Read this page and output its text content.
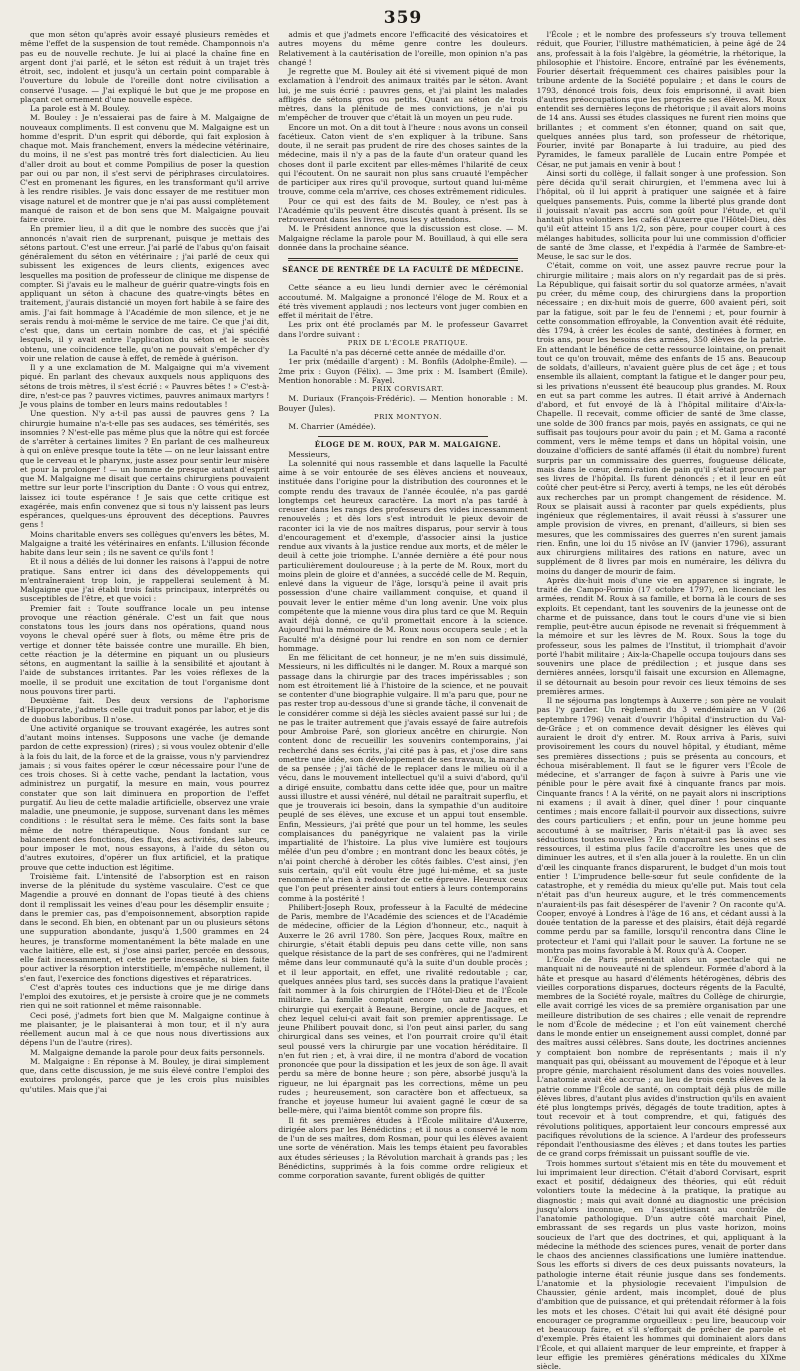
359

que mon séton qu'après avoir essayé plusieurs remèdes et même l'effet de la suspension de tout remède. Champonnois n'a pas eu de nouvelle rechute. Je lui ai placé la chaîne fine en argent dont j'ai parlé, et le séton est réduit à un trajet très étroit, sec, indolent et jusqu'à un certain point comparable à l'ouverture du lobule de l'oreille dont notre civilisation a conservé l'usage. — J'ai expliqué le but que je me propose en plaçant cet ornement d'une nouvelle espèce.

La parole est à M. Bouley.

M. Bouley : Je n'essaierai pas de faire à M. Malgaigne de nouveaux compliments. Il est convenu que M. Malgaigne est un homme d'esprit. D'un esprit qui déborde, qui fait explosion à chaque mot. Mais franchement, envers la médecine vétérinaire, du moins, il ne s'est pas montré très fort dialecticien. Au lieu d'aller droit au bout et comme Pompilius de poser la question par oui ou par non, il s'est servi de périphrases circulatoires. C'est en promenant les figures, en les transformant qu'il arrive à les rendre risibles. Je vais donc essayer de me restituer mon visage naturel et de montrer que je n'ai pas aussi complètement manqué de raison et de bon sens que M. Malgaigne pouvait faire croire.

En premier lieu, il a dit que le nombre des succès que j'ai annoncés n'avait rien de surprenant, puisque je mettais des sétons partout. C'est une erreur. J'ai parlé de l'abus qu'on faisait généralement du séton en vétérinaire ; j'ai parlé de ceux qui subissent les exigences de leurs clients, exigences avec lesquelles ma position de professeur de clinique me dispense de compter. Si j'avais eu le malheur de guérir quatre-vingts fois en appliquant un séton à chacune des quatre-vingts bêtes en traitement, j'aurais distancié un moyen fort habile à se faire des amis. J'ai fait hommage à l'Académie de mon silence, et je ne serais rendu à moi-même le service de me taire. Ce que j'ai dit, c'est que, dans un certain nombre de cas, et j'ai spécifié lesquels, il y avait entre l'application du séton et le succès obtenu, une coïncidence telle, qu'on ne pouvait s'empêcher d'y voir une relation de cause à effet, de remède à guérison.

Il y a une exclamation de M. Malgaigne qui m'a vivement piqué. En parlant des chevaux auxquels nous appliquons des sétons de trois mètres, il s'est écrié : « Pauvres bêtes ! » C'est-à-dire, n'est-ce pas ? pauvres victimes, pauvres animaux martyrs ! Je vous plains de tomber en leurs mains redoutables !

Une question. N'y a-t-il pas aussi de pauvres gens ? La chirurgie humaine n'a-t-elle pas ses audaces, ses témérités, ses insomnies ? N'est-elle pas même plus que la nôtre qui est forcée de s'arrêter à certaines limites ? En parlant de ces malheureux à qui on enlève presque toute la tête — on ne leur laissant entre que le cerveau et le pharynx, juste assez pour sentir leur misère et pour la prolonger ! — un homme de presque autant d'esprit que M. Malgaigne me disait que certains chirurgiens pouvaient mettre sur leur porte l'inscription du Dante : O vous qui entrez, laissez ici toute espérance ! Je sais que cette critique est exagérée, mais enfin convenez que si tous n'y laissent pas leurs espérances, quelques-uns éprouvent des déceptions. Pauvres gens !

Moins charitable envers ses collègues qu'envers les bêtes, M. Malgaigne a traité les vétérinaires en enfants. L'illusion féconde habite dans leur sein ; ils ne savent ce qu'ils font !

Et il nous a déliés de lui donner les raisons à l'appui de notre pratique. Sans entrer ici dans des développements qui m'entraîneraient trop loin, je rappellerai seulement à M. Malgaigne que j'ai établi trois faits principaux, interprétés ou susceptibles de l'être, et que voici :

Premier fait : Toute souffrance locale un peu intense provoque une réaction générale. C'est un fait que nous constatons tous les jours dans nos opérations, quand nous voyons le cheval opéré suer à flots, ou même être pris de vertige et donner tête baissée contre une muraille. Eh bien, cette réaction je la détermine en piquant un ou plusieurs sétons, en augmentant la saillie à la sensibilité et ajoutant à l'aide de substances irritantes. Par les voies réflexes de la moelle, il se produit une excitation de tout l'organisme dont nous pouvons tirer parti.

Deuxième fait. Des deux versions de l'aphorisme d'Hippocrate, j'admets celle qui traduit ponos par labor, et je dis de duobus laboribus. Il n'ose.

Une activité organique se trouvant exagérée, les autres sont d'autant moins intenses. Supposons une vache (je demande pardon de cette expression) (rires) ; si vous voulez obtenir d'elle à la fois du lait, de la force et de la graisse, vous n'y parviendrez jamais ; si vous faites opérer le cœur nécessaire pour l'une de ces trois choses. Si à cette vache, pendant la lactation, vous administrez un purgatif, la mesure en main, vous pourrez constater que son lait diminuera en proportion de l'effet purgatif. Au lieu de cette maladie artificielle, observez une vraie maladie, une pneumonie, je suppose, survenant dans les mêmes conditions : le résultat sera le même. Ces faits sont la base même de notre thérapeutique. Nous fondant sur ce balancement des fonctions, des flux, des activités, des labeurs, pour imposer le mot, nous essayons, à l'aide du séton ou d'autres exutoires, d'opérer un flux artificiel, et la pratique prouve que cette induction est légitime.

Troisième fait. L'intensité de l'absorption est en raison inverse de la plénitude du système vasculaire. C'est ce que Magendie a prouvé en donnant de l'opas tieuté à des chiens dont il remplissait les veines d'eau pour les désemplir ensuite ; dans le premier cas, pas d'empoisonnement, absorption rapide dans le second. Eh bien, en obtenant par un ou plusieurs sétons une suppuration abondante, jusqu'à 1,500 grammes en 24 heures, je transforme momentanément la bête malade en une vache laitière, elle est, si j'ose ainsi parler, percée en dessous, elle fait incessamment, et cette perte incessante, si bien faite pour activer la résorption interstitielle, m'empêche nullement, il s'en faut, l'exercice des fonctions digestives et réparatrices.

C'est d'après toutes ces inductions que je me dirige dans l'emploi des exutoires, et je persiste à croire que je ne commets rien qui ne soit rationnel et même raisonnable.

Ceci posé, j'admets fort bien que M. Malgaigne continue à me plaisanter, je le plaisanterai à mon tour, et il n'y aura réellement aucun mal à ce que nous nous divertissions aux dépens l'un de l'autre (rires).

M. Malgaigne demande la parole pour deux faits personnels.

M. Malgaigne : En réponse à M. Bouley, je dirai simplement que, dans cette discussion, je me suis élevé contre l'emploi des exutoires prolongés, parce que je les crois plus nuisibles qu'utiles. Mais que j'ai

admis et que j'admets encore l'efficacité des vésicatoires et autres moyens du même genre contre les douleurs. Relativement à la cautérisation de l'oreille, mon opinion n'a pas changé !

Je regrette que M. Bouley ait été si vivement piqué de mon exclamation à l'endroit des animaux traités par le séton. Avant lui, je me suis écrié : pauvres gens, et j'ai plaint les malades affligés de sétons gros ou petits. Quant au séton de trois mètres, dans la plénitude de mes convictions, je n'ai pu m'empêcher de trouver que c'était là un moyen un peu rude.

Encore un mot. On a dit tout à l'heure : nous avons un conseil facétieux. Caton vient de s'en expliquer à la tribune. Sans doute, il ne serait pas prudent de rire des choses saintes de la médecine, mais il n'y a pas de la faute d'un orateur quand les choses dont il parle excitent par elles-mêmes l'hilarité de ceux qui l'écoutent. On ne saurait non plus sans cruauté l'empêcher de participer aux rires qu'il provoque, surtout quand lui-même trouve, comme cela m'arrive, ces choses extrêmement ridicules.

Pour ce qui est des faits de M. Bouley, ce n'est pas à l'Académie qu'ils peuvent être discutés quant à présent. Ils se retrouveront dans les livres, nous les y attendons.

M. le Président annonce que la discussion est close. — M. Malgaigne réclame la parole pour M. Bouillaud, à qui elle sera donnée dans la prochaine séance.

SÉANCE DE RENTRÉE DE LA FACULTÉ DE MÉDECINE.

Cette séance a eu lieu lundi dernier avec le cérémonial accoutumé. M. Malgaigne a prononcé l'éloge de M. Roux et a été très vivement applaudi ; nos lecteurs vont juger combien en effet il méritait de l'être.

Les prix ont été proclamés par M. le professeur Gavarret dans l'ordre suivant :

PRIX DE L'ÉCOLE PRATIQUE.

La Faculté n'a pas décerné cette année de médaille d'or.

1er prix (médaille d'argent) : M. Bonfils (Adolphe-Émile). — 2me prix : Guyon (Félix). — 3me prix : M. Isambert (Émile). Mention honorable : M. Fayel.

PRIX CORVISART.

M. Duriaux (François-Frédéric). — Mention honorable : M. Bouyer (Jules).

PRIX MONTYON.

M. Charrier (Amédée).

ÉLOGE DE M. ROUX, PAR M. MALGAIGNE.

Messieurs,

La solennité qui nous rassemble et dans laquelle la Faculté aime à se voir entourée de ses élèves anciens et nouveaux, instituée dans l'origine pour la distribution des couronnes et le compte rendu des travaux de l'année écoulée, n'a pas gardé longtemps cet heureux caractère. La mort n'a pas tardé à creuser dans les rangs des professeurs des vides incessamment renouvelés ; et dès lors s'est introduit le pieux devoir de raconter ici la vie de nos maîtres disparus, pour servir à tous d'encouragement et d'exemple, d'associer ainsi la justice rendue aux vivants à la justice rendue aux morts, et de mêler le deuil à cette joie triomphe. L'année dernière a été pour nous particulièrement douloureuse ; à la perte de M. Roux, mort du moins plein de gloire et d'années, a succédé celle de M. Requin, enlevé dans la vigueur de l'âge, lorsqu'à peine il avait pris possession d'une chaire vaillamment conquise, et quand il pouvait lever le entier même d'un long avenir. Une voix plus compétente que la mienne vous dira plus tard ce que M. Requin avait déjà donné, ce qu'il promettait encore à la science. Aujourd'hui la mémoire de M. Roux nous occupera seule ; et la Faculté m'a désigné pour lui rendre en son nom ce dernier hommage.

En me félicitant de cet honneur, je ne m'en suis dissimulé, Messieurs, ni les difficultés ni le danger. M. Roux a marqué son passage dans la chirurgie par des traces impérissables ; son nom est étroitement lié à l'histoire de la science, et ne pouvait se contenter d'une biographie vulgaire. Il m'a paru que, pour ne pas rester trop au-dessous d'une si grande tâche, il convenait de le considérer comme si déjà les siècles avaient passé sur lui ; de ne pas le traiter autrement que j'avais essayé de faire autrefois pour Ambroise Paré, son glorieux ancêtre en chirurgie. Non content donc de recueillir les souvenirs contemporains, j'ai recherché dans ses écrits, j'ai cité pas à pas, et j'ose dire sans omettre une idée, son développement de ses travaux, la marche de sa pensée ; j'ai tâché de le replacer dans le milieu où il a vécu, dans le mouvement intellectuel qu'il a suivi d'abord, qu'il a dirigé ensuite, combattu dans cette idée que, pour un maître aussi illustre et aussi vénéré, nul détail ne paraîtrait superflu, et que je trouverais ici besoin, dans la sympathie d'un auditoire peuplé de ses élèves, une excuse et un appui tout ensemble. Enfin, Messieurs, j'ai prêté que pour un tel homme, les seules complaisances du panégyrique ne valaient pas la virile impartialité de l'histoire. La plus vive lumière est toujours mêlée d'un peu d'ombre ; en montrant donc les beaux côtés, je n'ai point cherché à dérober les côtés faibles. C'est ainsi, j'en suis certain, qu'il eût voulu être jugé lui-même, et sa juste renommée n'a rien à redouter de cette épreuve. Heureux ceux que l'on peut présenter ainsi tout entiers à leurs contemporains comme à la postérité !

Philibert-Joseph Roux, professeur à la Faculté de médecine de Paris, membre de l'Académie des sciences et de l'Académie de médecine, officier de la Légion d'honneur, etc., naquit à Auxerre le 26 avril 1780. Son père, Jacques Roux, maître en chirurgie, s'était établi depuis peu dans cette ville, non sans quelque résistance de la part de ses confrères, qui ne l'admirent même dans leur communauté qu'à la suite d'un double procès ; et il leur apportait, en effet, une rivalité redoutable ; car, quelques années plus tard, ses succès dans la pratique l'avaient fait nommer à la fois chirurgien de l'Hôtel-Dieu et de l'École militaire. La famille comptait encore un autre maître en chirurgie qui exerçait à Beaune, Bergine, oncle de Jacques, et chez lequel celui-ci avait fait son premier apprentissage. Le jeune Philibert pouvait donc, si l'on peut ainsi parler, du sang chirurgical dans ses veines, et l'on pourrait croire qu'il était seul poussé vers la chirurgie par une vocation héréditaire. Il n'en fut rien ; et, à vrai dire, il ne montra d'abord de vocation prononcée que pour la dissipation et les jeux de son âge. Il avait perdu sa mère de bonne heure ; son père, absorbé jusqu'à la rigueur, ne lui épargnait pas les corrections, même un peu rudes ; heureusement, son caractère bon et affectueux, sa franche et joyeuse humeur lui avaient gagné le cœur de sa belle-mère, qui l'aima bientôt comme son propre fils.

Il fit ses premières études à l'École militaire d'Auxerre, dirigée alors par les Bénédictins ; et il nous a conservé le nom de l'un de ses maîtres, dom Rosman, pour qui les élèves avaient une sorte de vénération. Mais les temps étaient peu favorables aux études sérieuses ; la Révolution marchait à grands pas ; les Bénédictins, supprimés à la fois comme ordre religieux et comme corporation savante, furent obligés de quitter

l'École ; et le nombre des professeurs s'y trouva tellement réduit, que Fourier, l'illustre mathématicien, à peine âgé de 24 ans, professait à la fois l'algèbre, la géométrie, la rhétorique, la philosophie et l'histoire. Encore, entraîné par les événements, Fourier désertait fréquemment ces chaires paisibles pour la tribune ardente de la Société populaire ; et dans le cours de 1793, dénoncé trois fois, deux fois emprisonné, il avait bien d'autres préoccupations que les progrès de ses élèves. M. Roux entendit ses dernières leçons de rhétorique ; il avait alors moins de 14 ans. Aussi ses études classiques ne furent rien moins que brillantes ; et comment s'en étonner, quand on sait que, quelques années plus tard, son professeur de rhétorique, Fourier, invité par Bonaparte à lui traduire, au pied des Pyramides, le fameux parallèle de Lucain entre Pompée et César, ne put jamais en venir à bout !

Ainsi sorti du collège, il fallait songer à une profession. Son père décida qu'il serait chirurgien, et l'emmena avec lui à l'hôpital, où il lui apprit à pratiquer une saignée et à faire quelques pansements. Puis, comme la liberté plus grande dont il jouissait n'avait pas accru son goût pour l'étude, et qu'il hantait plus volontiers les cafés d'Auxerre que l'Hôtel-Dieu, dès qu'il eût atteint 15 ans 1/2, son père, pour couper court à ces mélanges habitudes, sollicita pour lui une commission d'officier de santé de 3me classe, et l'expédia à l'armée de Sambre-et-Meuse, le sac sur le dos.

C'était, comme on voit, une assez pauvre recrue pour la chirurgie militaire ; mais alors on n'y regardait pas de si près. La République, qui faisait sortir du sol quatorze armées, n'avait pu créer, du même coup, des chirurgiens dans la proportion nécessaire ; en dix-huit mois de guerre, 600 avaient péri, soit par la fatigue, soit par le feu de l'ennemi ; et, pour fournir à cette consommation effroyable, la Convention avait été réduite, dès 1794, à créer les écoles de santé, destinées à former, en trois ans, pour les besoins des armées, 350 élèves de la patrie. En attendant le bénéfice de cette ressource lointaine, on prenait tout ce qu'on trouvait, même des enfants de 15 ans. Beaucoup de soldats, d'ailleurs, n'avaient guère plus de cet âge ; et tous ensemble ils allaient, comptant la fatigue et le danger pour peu, si les privations n'eussent été beaucoup plus grandes. M. Roux en eut sa part comme les autres. Il était arrivé à Andernach d'abord, et fut envoyé de là à l'hôpital militaire d'Aix-la-Chapelle. Il recevait, comme officier de santé de 3me classe, une solde de 300 francs par mois, payés en assignats, ce qui ne suffisait pas toujours pour avoir du pain ; et M. Gama a raconté comment, vers le même temps et dans un hôpital voisin, une douzaine d'officiers de santé affamés (il était du nombre) furent surpris par un commissaire des guerres, fougueuse délicate, mais dans le cœur, demi-ration de pain qu'il s'était procuré par ses livres de l'hôpital. Ils furent dénoncés ; et il leur en eût coûté cher peut-être si Percy, averti à temps, ne les eût dérobés aux recherches par un prompt changement de résidence. M. Roux se plaisait aussi à raconter par quels expédients, plus ingénieux que réglementaires, il avait réussi à s'assurer une ample provision de vivres, en prenant, d'ailleurs, si bien ses mesures, que les commissaires des guerres n'en surent jamais rien. Enfin, une loi du 15 nivôse an IV (janvier 1796), assurant aux chirurgiens militaires des rations en nature, avec un supplément de 8 livres par mois en numéraire, les délivra du moins du danger de mourir de faim.

Après dix-huit mois d'une vie en apparence si ingrate, le traité de Campo-Formio (17 octobre 1797), en licenciant les armées, rendit M. Roux à sa famille, et borna là le cours de ses exploits. Et cependant, tant les souvenirs de la jeunesse ont de charme et de puissance, dans tout le cours d'une vie si bien remplie, peut-être aucun épisode ne revenait si fréquemment à la mémoire et sur les lèvres de M. Roux. Sous la toge du professeur, sous les palmes de l'Institut, il triomphait d'avoir porté l'habit militaire ; Aix-la-Chapelle occupa toujours dans ses souvenirs une place de prédilection ; et jusque dans ses dernières années, lorsqu'il faisait une excursion en Allemagne, il se détournait au besoin pour revoir ces lieux témoins de ses premières armes.

Il ne séjourna pas longtemps à Auxerre ; son père ne voulait pas l'y garder. Un règlement du 3 vendémiaire an V (26 septembre 1796) venait d'ouvrir l'hôpital d'instruction du Val-de-Grâce ; et on commence devait désigner les élèves qui auraient le droit d'y entrer. M. Roux arriva à Paris, suivi provisoirement les cours du nouvel hôpital, y étudiant, même ses premières dissections ; puis se présenta au concours, et échoua misérablement. Il faut se le figurer vers l'École de médecine, et s'arranger de façon à suivre à Paris une vie pénible pour le père avait fixé à cinquante francs par mois. Cinquante francs ! A la vérité, on ne payait alors ni inscriptions ni examens ; il avait à dîner, quel dîner ! pour cinquante centimes ; mais encore fallait-il pourvoir aux dissections, suivre des cours particuliers ; et enfin, pour un jeune homme peu accoutumé à se maîtriser, Paris n'était-il pas là avec ses séductions toutes nouvelles ? En comparant ses besoins et ses ressources, il estima plus facile d'accroître les unes que de diminuer les autres, et il s'en alla jouer à la roulette. En un clin d'œil les cinquante francs disparurent, le budget d'un mois tout entier ! L'imprudence belle-sœur fut seule confidente de la catastrophe, et y remédia du mieux qu'elle put. Mais tout cela n'était pas d'un heureux augure, et le trés commencements n'auraient-ils pas fait désespérer de l'avenir ? On raconte qu'A. Cooper, envoyé à Londres à l'âge de 16 ans, et cédant aussi à la douée tentation de la paresse et des plaisirs, était déjà regardé comme perdu par sa famille, lorsqu'il rencontra dans Cline le protecteur et l'ami qui l'allait pour le sauver. La fortune ne se montra pas moins favorable à M. Roux qu'à A. Cooper.

L'École de Paris présentait alors un spectacle qui ne manquait ni de nouveauté ni de splendeur. Formée d'abord à la hâte et presque au hasard d'éléments hétérogènes, débris des vieilles corporations disparues, docteurs régents de la Faculté, membres de la Société royale, maîtres du Collège de chirurgie, elle avait corrigé les vices de sa première organisation par une meilleure distribution de ses chaires ; elle venait de reprendre le nom d'École de médecine ; et l'on eût vainement cherché dans le monde entier un enseignement aussi complet, donné par des maîtres aussi célèbres. Sans doute, les doctrines anciennes y comptaient bon nombre de représentants ; mais il n'y manquait pas qui, obéissant au mouvement de l'époque et à leur propre génie, marchaient résolument dans des voies nouvelles. L'anatomie avait été accrue ; au lieu de trois cents élèves de la patrie comme l'École de santé, on comptait déjà plus de mille élèves libres, d'autant plus avides d'instruction qu'ils en avaient été plus longtemps privés, dégagés de toute tradition, aptes à tout recevoir et à tout comprendre, et qui, fatigués des révolutions politiques, apportaient leur concours empressé aux pacifiques révolutions de la science. A l'ardeur des professeurs répondait l'enthousiasme des élèves ; et dans toutes les parties de ce grand corps frémissait un puissant souffle de vie.

Trois hommes surtout s'étaient mis en tête du mouvement et lui imprimaient leur direction. C'était d'abord Corvisart, esprit exact et positif, dédaigneux des théories, qui eût réduit volontiers toute la médecine à la pratique, la pratique au diagnostic ; mais qui avait donné au diagnostic une précision jusqu'alors inconnue, en l'assujettissant au contrôle de l'anatomie pathologique. D'un autre côté marchait Pinel, embrassant de ses regards un plus vaste horizon, moins soucieux de l'art que des doctrines, et qui, appliquant à la médecine la méthode des sciences pures, venait de porter dans le chaos des anciennes classifications une lumière inattendue. Sous les efforts si divers de ces deux puissants novateurs, la pathologie interne était réunie jusque dans ses fondements. L'anatomie et la physiologie recevaient l'impulsion de Chaussier, génie ardent, mais incomplet, doué de plus d'ambition que de puissance, et qui prétendait réformer à la fois les mots et les choses. C'était lui qui avait été désigné pour encourager ce programme orgueilleux : peu lire, beaucoup voir et beaucoup faire, et s'il s'efforçait de prêcher de parole et d'exemple. Près étaient les hommes qui dominaient alors dans l'École, et qui allaient marquer de leur empreinte, et frapper à leur effigie les premières générations médicales du XIXme siècle.
